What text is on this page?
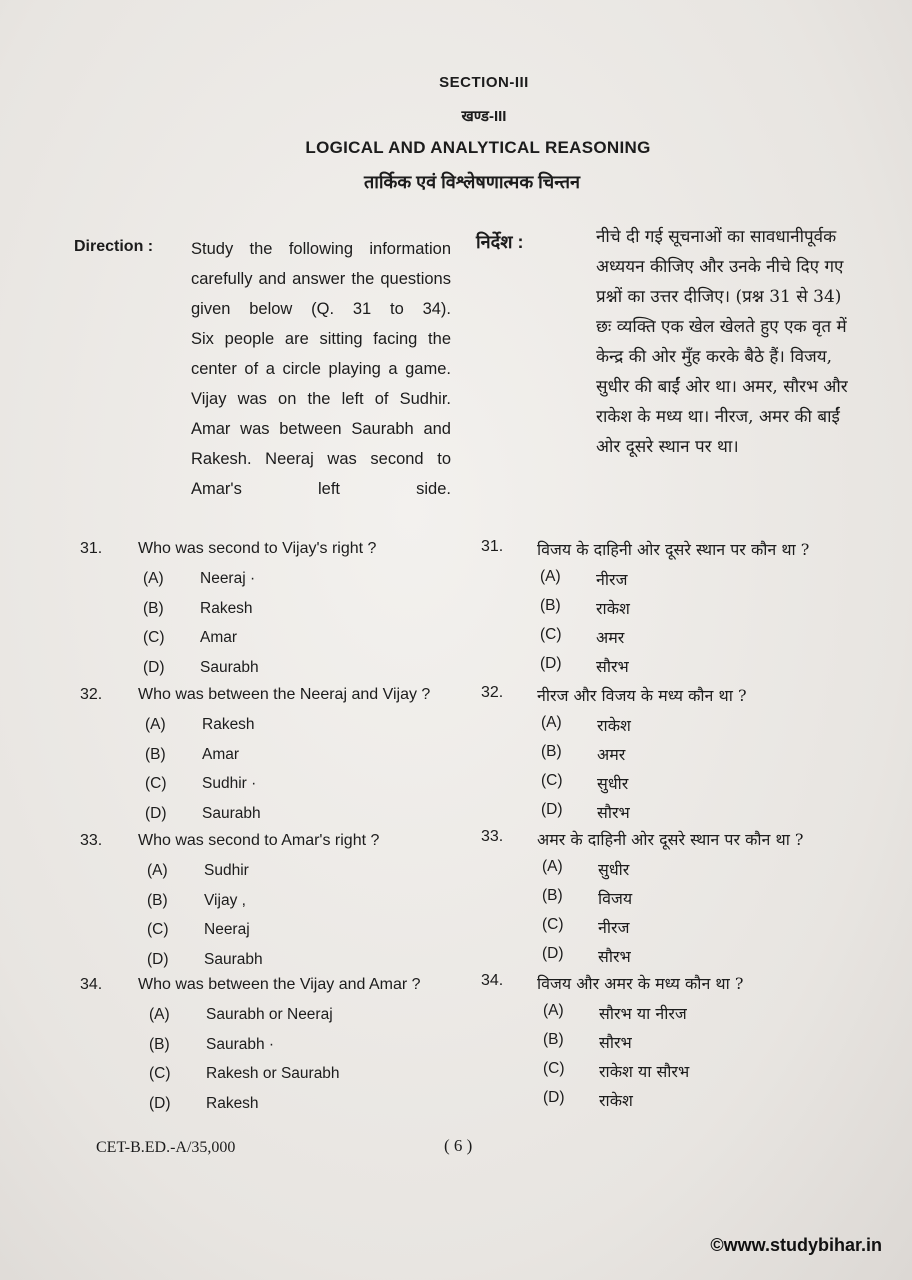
SECTION-III
खण्ड-III
LOGICAL AND ANALYTICAL REASONING
तार्किक एवं विश्लेषणात्मक चिन्तन
Direction : Study the following information carefully and answer the questions given below (Q. 31 to 34).

Six people are sitting facing the center of a circle playing a game. Vijay was on the left of Sudhir. Amar was between Saurabh and Rakesh. Neeraj was second to Amar's left side.

निर्देश :	नीचे दी गई सूचनाओं का सावधानीपूर्वक अध्ययन कीजिए और उनके नीचे दिए गए प्रश्नों का उत्तर दीजिए। (प्रश्न 31 से 34)

छः व्यक्ति एक खेल खेलते हुए एक वृत में केन्द्र की ओर मुँह करके बैठे हैं। विजय, सुधीर की बाईं ओर था। अमर, सौरभ और राकेश के मध्य था। नीरज, अमर की बाईं ओर दूसरे स्थान पर था।

31. Who was second to Vijay's right ?
(A) Neeraj ·
(B) Rakesh
(C) Amar
(D) Saurabh
32. Who was between the Neeraj and Vijay ?
(A) Rakesh
(B) Amar
(C) Sudhir ·
(D) Saurabh
33. Who was second to Amar's right ?
(A) Sudhir
(B) Vijay ,
(C) Neeraj
(D) Saurabh
34. Who was between the Vijay and Amar ?
(A) Saurabh or Neeraj
(B) Saurabh ·
(C) Rakesh or Saurabh
(D) Rakesh
31. विजय के दाहिनी ओर दूसरे स्थान पर कौन था ?
(A) नीरज
(B) राकेश
(C) अमर
(D) सौरभ
32. नीरज और विजय के मध्य कौन था ?
(A) राकेश
(B) अमर
(C) सुधीर
(D) सौरभ
33. अमर के दाहिनी ओर दूसरे स्थान पर कौन था ?
(A) सुधीर
(B) विजय
(C) नीरज
(D) सौरभ
34. विजय और अमर के मध्य कौन था ?
(A) सौरभ या नीरज
(B) सौरभ
(C) राकेश या सौरभ
(D) राकेश
CET-B.ED.-A/35,000	( 6 )
©www.studybihar.in
